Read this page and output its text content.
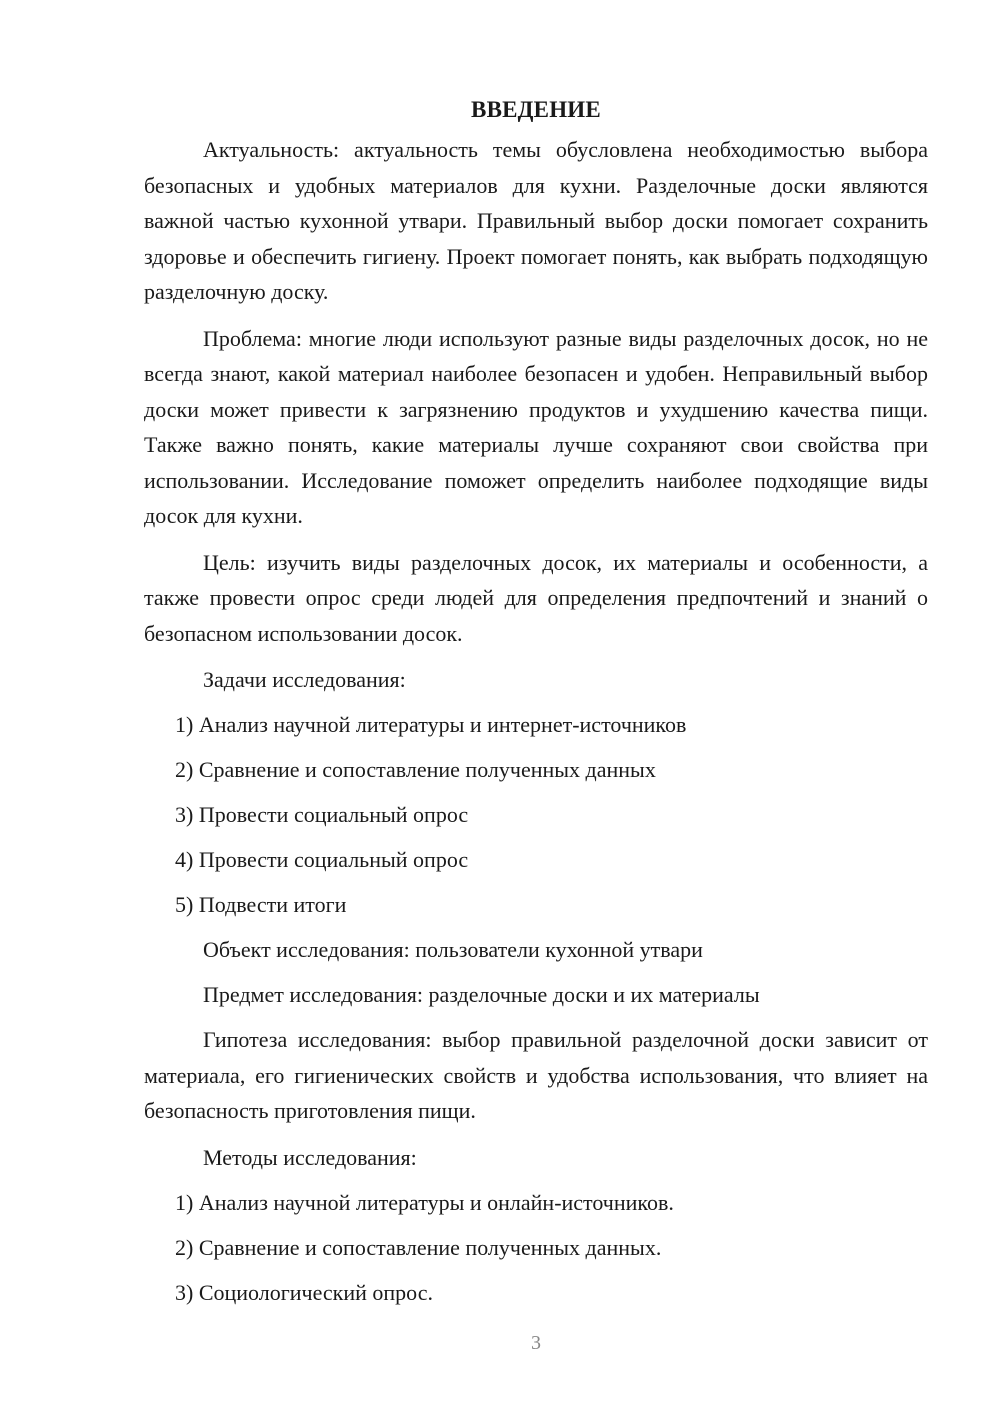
ВВЕДЕНИЕ

Актуальность: актуальность темы обусловлена необходимостью выбора безопасных и удобных материалов для кухни. Разделочные доски являются важной частью кухонной утвари. Правильный выбор доски помогает сохранить здоровье и обеспечить гигиену. Проект помогает понять, как выбрать подходящую разделочную доску.

Проблема: многие люди используют разные виды разделочных досок, но не всегда знают, какой материал наиболее безопасен и удобен. Неправильный выбор доски может привести к загрязнению продуктов и ухудшению качества пищи. Также важно понять, какие материалы лучше сохраняют свои свойства при использовании. Исследование поможет определить наиболее подходящие виды досок для кухни.

Цель: изучить виды разделочных досок, их материалы и особенности, а также провести опрос среди людей для определения предпочтений и знаний о безопасном использовании досок.

Задачи исследования:
1) Анализ научной литературы и интернет-источников
2) Сравнение и сопоставление полученных данных
3) Провести социальный опрос
4) Провести социальный опрос
5) Подвести итоги
Объект исследования: пользователи кухонной утвари
Предмет исследования: разделочные доски и их материалы

Гипотеза исследования: выбор правильной разделочной доски зависит от материала, его гигиенических свойств и удобства использования, что влияет на безопасность приготовления пищи.

Методы исследования:
1) Анализ научной литературы и онлайн-источников.
2) Сравнение и сопоставление полученных данных.
3) Социологический опрос.
3
